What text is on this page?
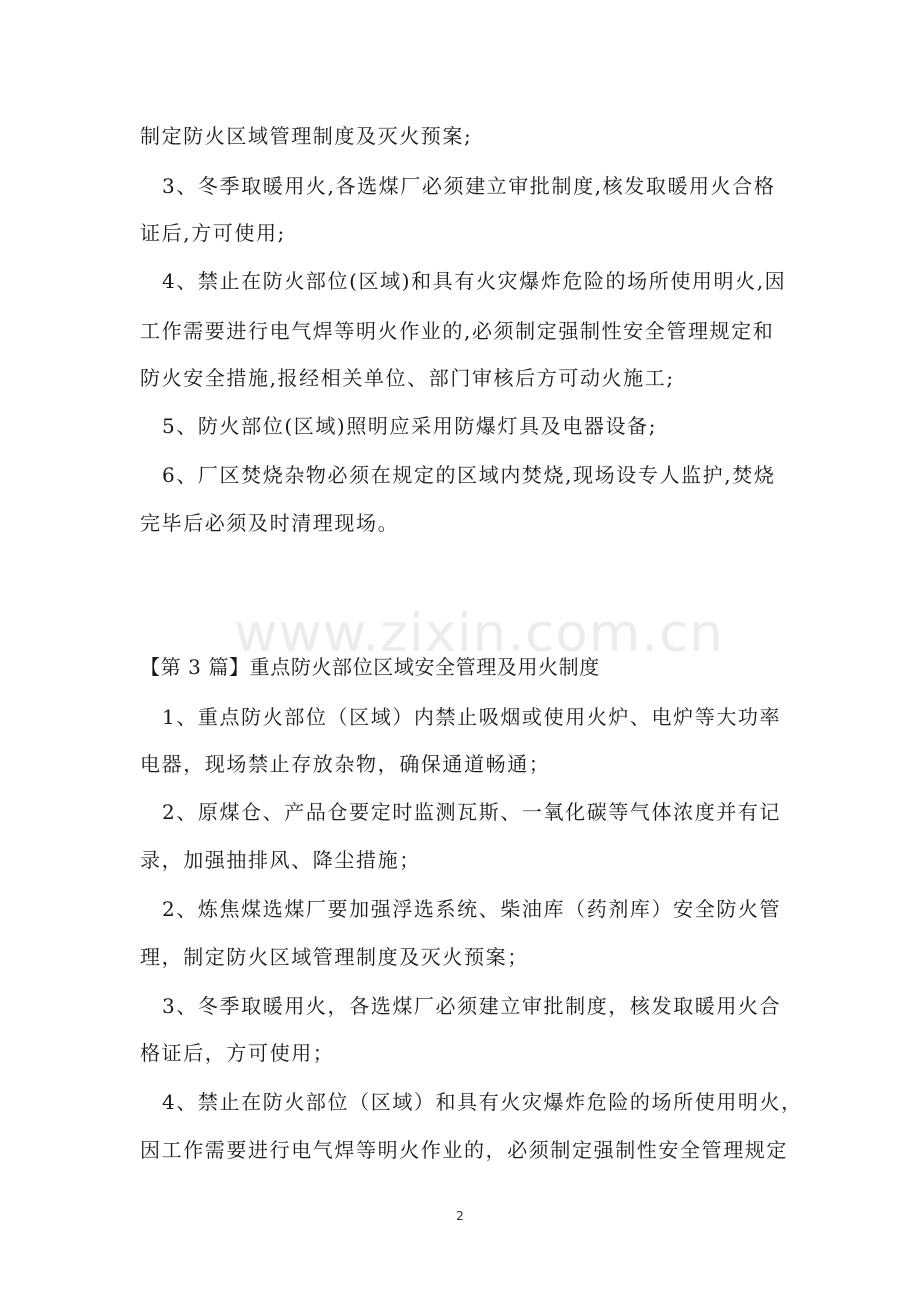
www.zixin.com.cn
制定防火区域管理制度及灭火预案;
3、冬季取暖用火,各选煤厂必须建立审批制度,核发取暖用火合格
证后,方可使用;
4、禁止在防火部位(区域)和具有火灾爆炸危险的场所使用明火,因
工作需要进行电气焊等明火作业的,必须制定强制性安全管理规定和
防火安全措施,报经相关单位、部门审核后方可动火施工;
5、防火部位(区域)照明应采用防爆灯具及电器设备;
6、厂区焚烧杂物必须在规定的区域内焚烧,现场设专人监护,焚烧
完毕后必须及时清理现场。
【第 3 篇】重点防火部位区域安全管理及用火制度
1、重点防火部位（区域）内禁止吸烟或使用火炉、电炉等大功率
电器，现场禁止存放杂物，确保通道畅通；
2、原煤仓、产品仓要定时监测瓦斯、一氧化碳等气体浓度并有记
录，加强抽排风、降尘措施；
2、炼焦煤选煤厂要加强浮选系统、柴油库（药剂库）安全防火管
理，制定防火区域管理制度及灭火预案；
3、冬季取暖用火，各选煤厂必须建立审批制度，核发取暖用火合
格证后，方可使用；
4、禁止在防火部位（区域）和具有火灾爆炸危险的场所使用明火，
因工作需要进行电气焊等明火作业的，必须制定强制性安全管理规定
2
